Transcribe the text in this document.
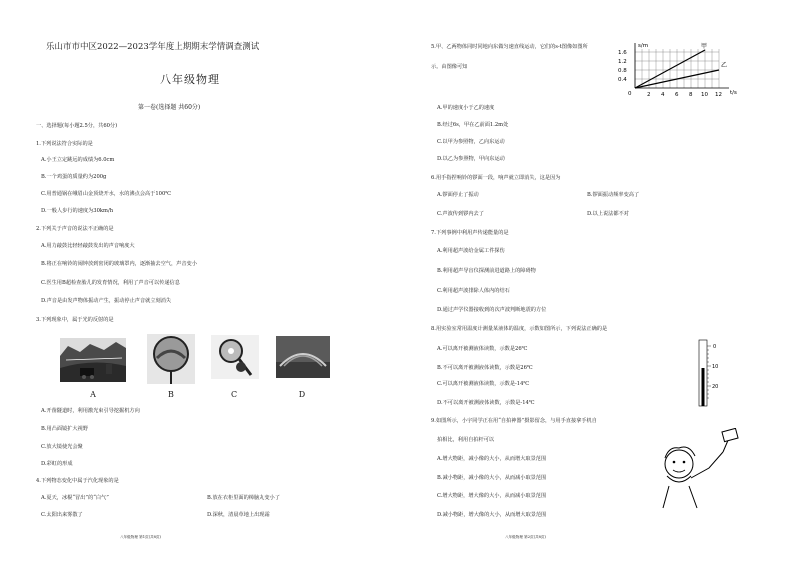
乐山市市中区2022—2023学年度上期期末学情调查测试
八年级物理
第一卷(选择题 共60分)
一、选择题(每小题2.5分，共60分)
1.下列说法符合实际的是
A.小王立定跳远的成绩为6.0cm
B.一个鸡蛋的质量约为200g
C.用普通锅在峨眉山金顶烧开水，水的沸点会高于100℃
D.一般人步行的速度为30km/h
2.下列关于声音的说法不正确的是
A.用力敲鼓比轻轻敲鼓发出的声音响度大
B.将正在响铃的闹钟放到密闭的玻璃罩内，逐渐抽去空气，声音变小
C.医生用B超检查胎儿的发育情况，利用了声音可以传递信息
D.声音是由发声物体振动产生，振动停止声音就立刻消失
3.下列现象中，属于光的反射的是
A	B	C	D
A.开凿隧道时，利用激光束引导挖掘机方向
B.用凸面镜扩大视野
C.放大镜使光会聚
D.彩虹的形成
4.下列物态变化中属于汽化现象的是
A.夏天，冰棍“冒出”的“白气”	B.放在衣柜里面的樟脑丸变小了
C.太阳出来雾散了	D.深秋，清晨草地上出现霜
八年级物理 第1页(共8页)
5.甲、乙两物体同时同地向东做匀速直线运动，它们的s-t图像如图所
示。由图像可知
s/m
t/s
1.6
1.2
0.8
0.4
0	2 4 6 8 10 12
甲
乙
A.甲的速度小于乙的速度
B.经过6s，甲在乙前面1.2m处
C.以甲为参照物，乙向东运动
D.以乙为参照物，甲向东运动
6.用手指捏响铃的锣面一段，响声就立即消失，这是因为
A.锣面停止了振动	B.锣面振动频率变高了
C.声波传到锣内去了	D.以上说法都不对
7.下列事例中利用声传递能量的是
A.利用超声波给金属工件探伤
B.利用超声导盲仪探测前进道路上的障碍物
C.利用超声波排除人体内的结石
D.通过声学仪器接收到的次声波判断地震的方位
8.用实验室常用温度计测量某液体的温度，示数如图所示，下列说法正确的是
A.可以离开被测液体读数，示数是26℃
B.不可以离开被测液体读数，示数是26℃
C.可以离开被测液体读数，示数是-14℃
D.不可以离开被测液体读数，示数是-14℃
0
10
20
9.如图所示，小宇同学正在用“自拍神器”摄影留念，与用手直接拿手机自
拍相比，利用自拍杆可以
A.增大物距，减小像的大小，从而增大取景范围
B.减小物距，减小像的大小，从而减小取景范围
C.增大物距，增大像的大小，从而减小取景范围
D.减小物距，增大像的大小，从而增大取景范围
八年级物理 第2页(共8页)
